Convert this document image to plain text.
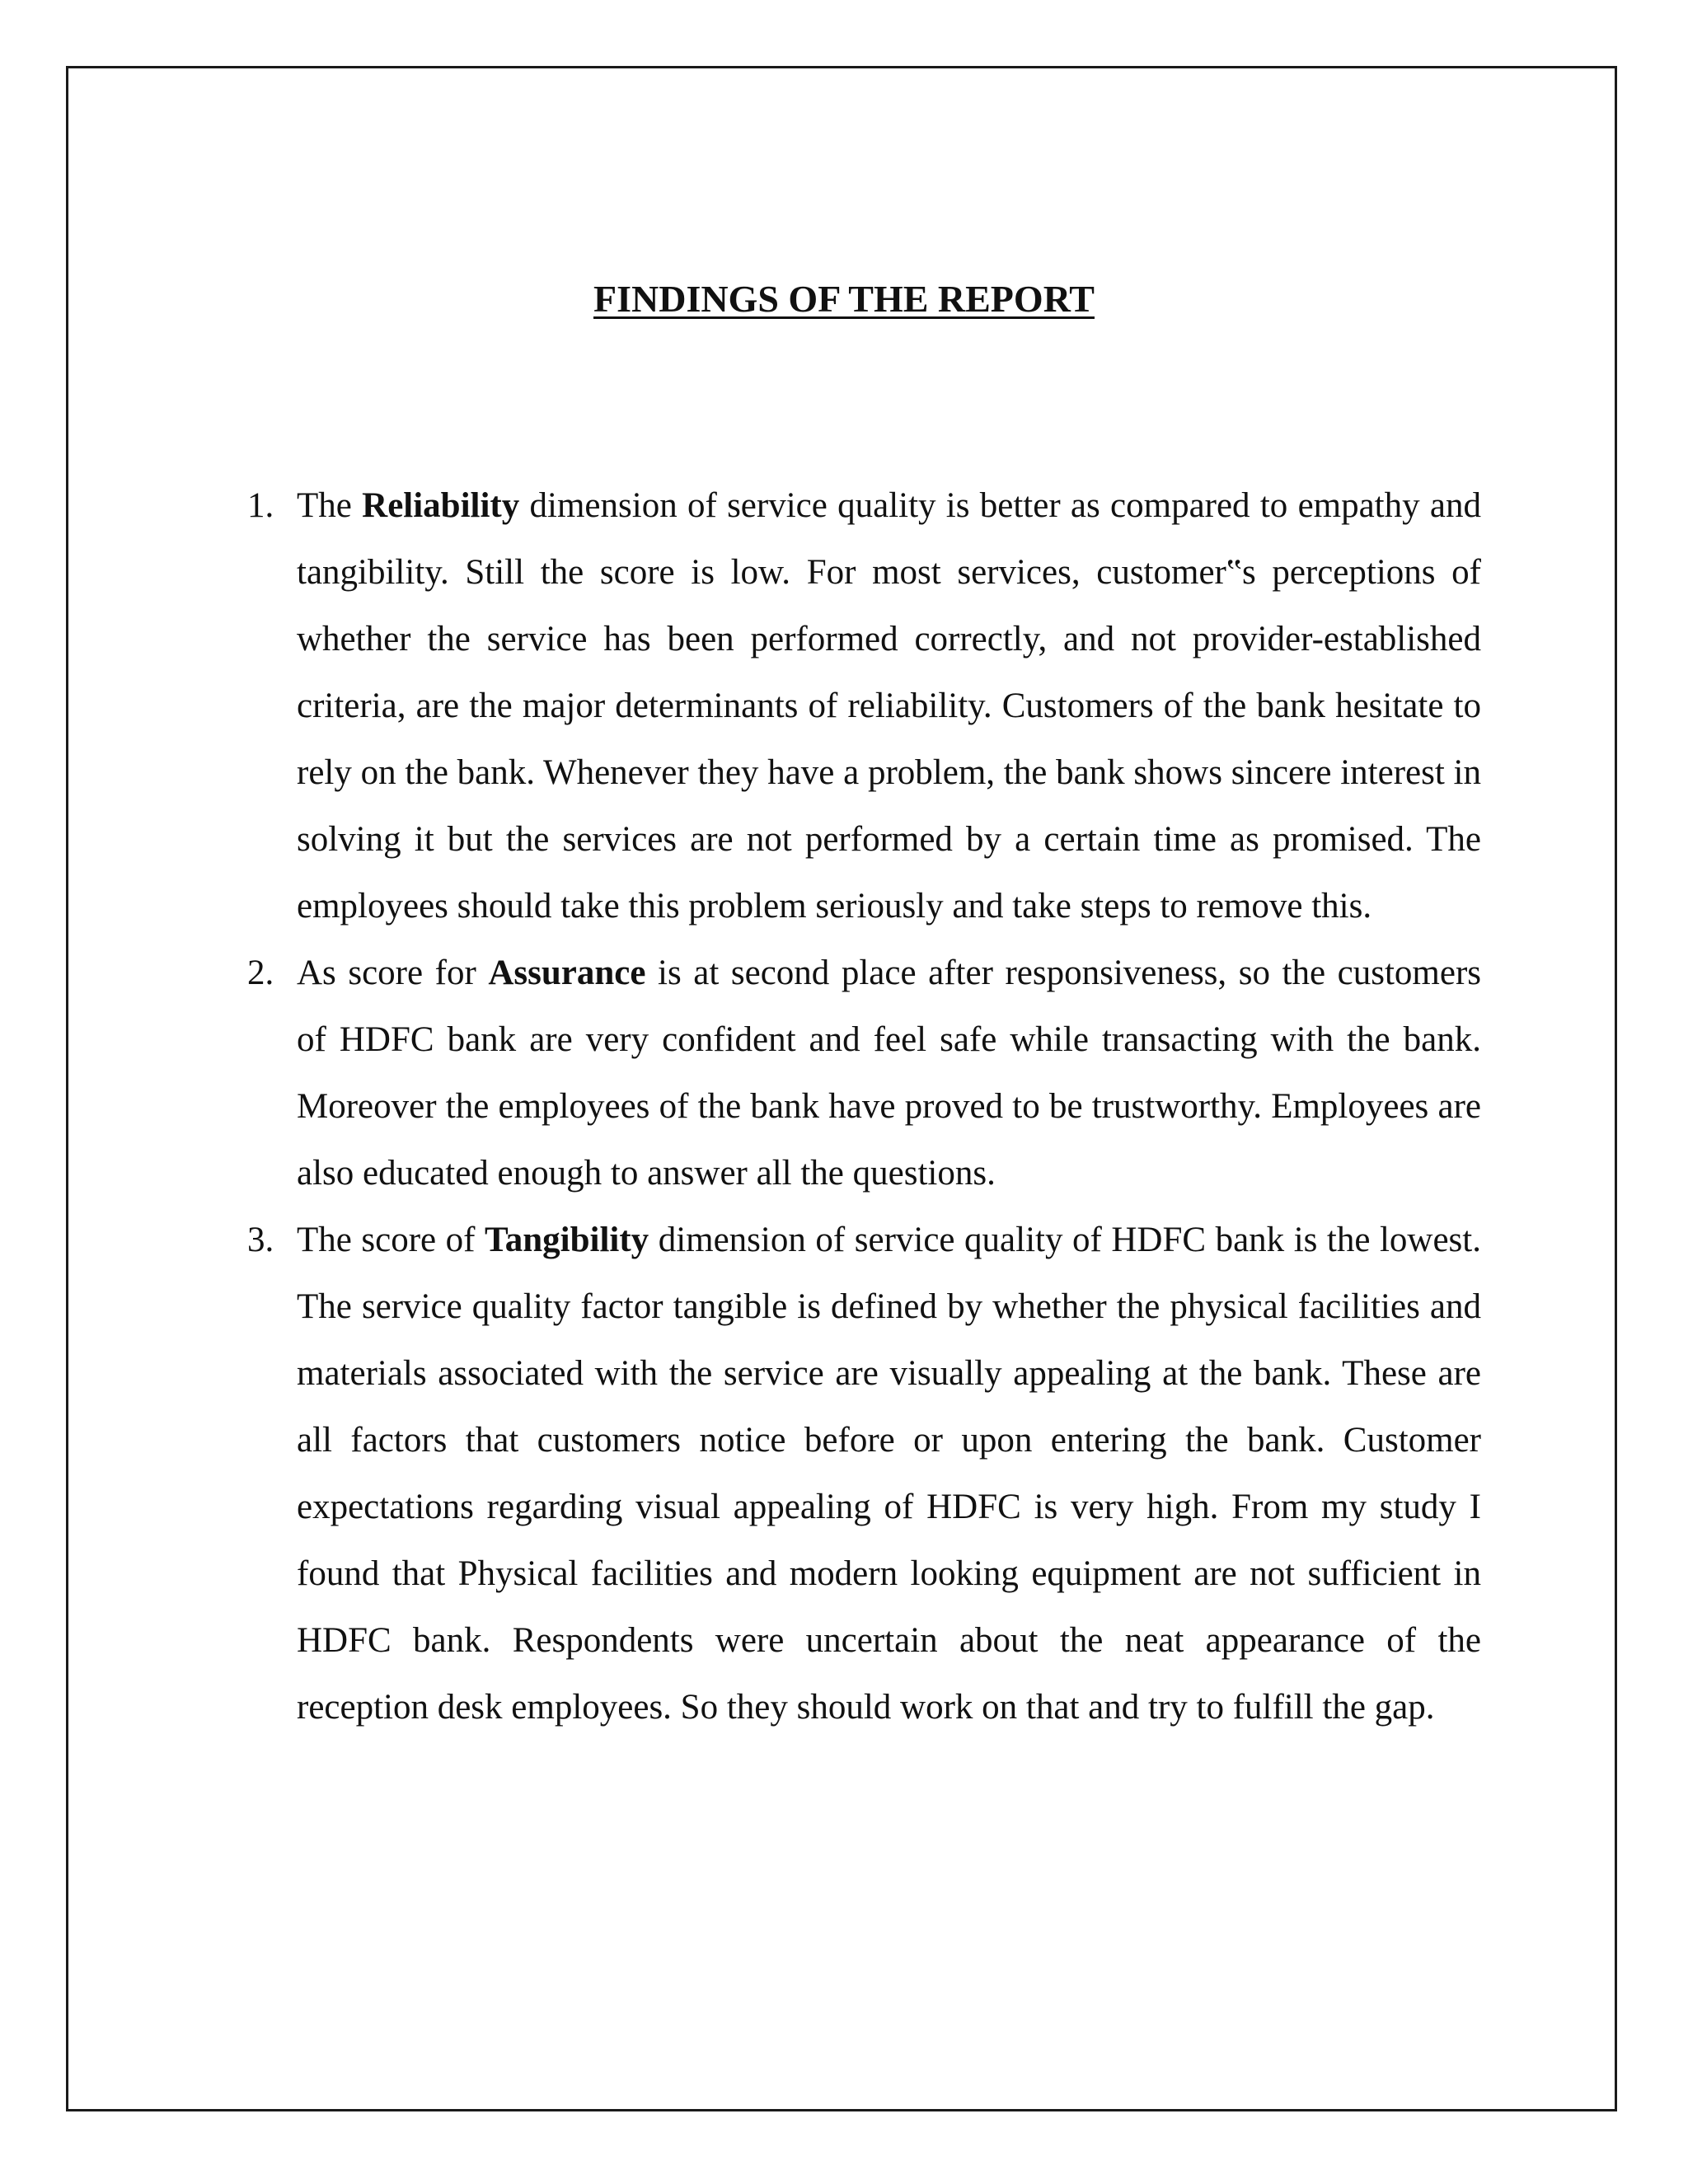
FINDINGS OF THE REPORT
1. The Reliability dimension of service quality is better as compared to empathy and tangibility. Still the score is low. For most services, customer‟s perceptions of whether the service has been performed correctly, and not provider-established criteria, are the major determinants of reliability. Customers of the bank hesitate to rely on the bank. Whenever they have a problem, the bank shows sincere interest in solving it but the services are not performed by a certain time as promised. The employees should take this problem seriously and take steps to remove this.
2. As score for Assurance is at second place after responsiveness, so the customers of HDFC bank are very confident and feel safe while transacting with the bank. Moreover the employees of the bank have proved to be trustworthy. Employees are also educated enough to answer all the questions.
3. The score of Tangibility dimension of service quality of HDFC bank is the lowest. The service quality factor tangible is defined by whether the physical facilities and materials associated with the service are visually appealing at the bank. These are all factors that customers notice before or upon entering the bank. Customer expectations regarding visual appealing of HDFC is very high. From my study I found that Physical facilities and modern looking equipment are not sufficient in HDFC bank. Respondents were uncertain about the neat appearance of the reception desk employees. So they should work on that and try to fulfill the gap.
